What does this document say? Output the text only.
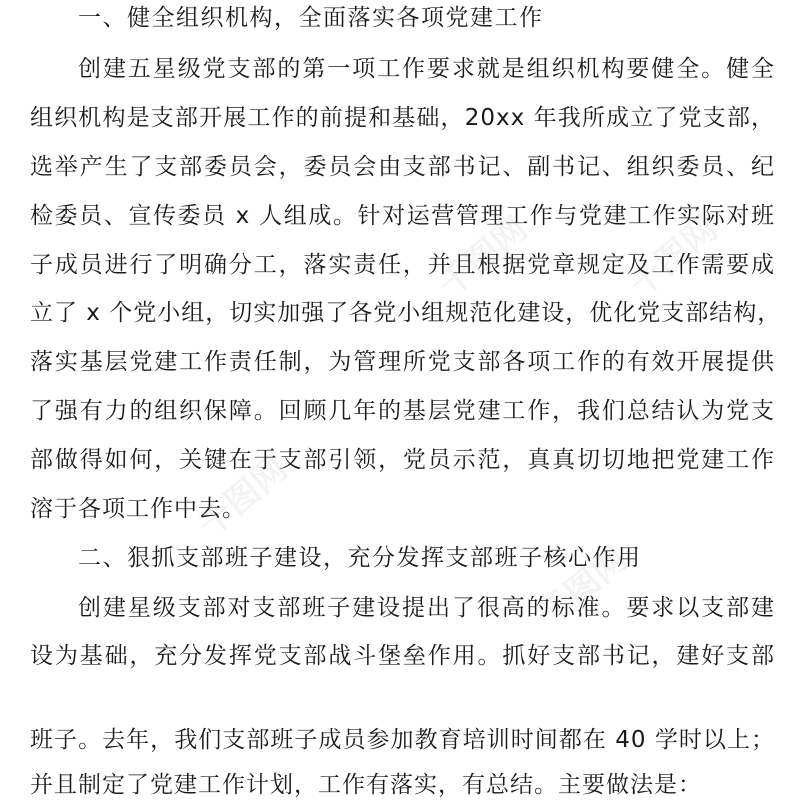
千图网	千图网
千图网
千图网
一、健全组织机构，全面落实各项党建工作
创建五星级党支部的第一项工作要求就是组织机构要健全。健全
组织机构是支部开展工作的前提和基础，20xx 年我所成立了党支部，
选举产生了支部委员会，委员会由支部书记、副书记、组织委员、纪
检委员、宣传委员 x 人组成。针对运营管理工作与党建工作实际对班
子成员进行了明确分工，落实责任，并且根据党章规定及工作需要成
立了 x 个党小组，切实加强了各党小组规范化建设，优化党支部结构，
落实基层党建工作责任制，为管理所党支部各项工作的有效开展提供
了强有力的组织保障。回顾几年的基层党建工作，我们总结认为党支
部做得如何，关键在于支部引领，党员示范，真真切切地把党建工作
溶于各项工作中去。
二、狠抓支部班子建设，充分发挥支部班子核心作用
创建星级支部对支部班子建设提出了很高的标准。要求以支部建
设为基础，充分发挥党支部战斗堡垒作用。抓好支部书记，建好支部
班子。去年，我们支部班子成员参加教育培训时间都在 40 学时以上；
并且制定了党建工作计划，工作有落实，有总结。主要做法是：
